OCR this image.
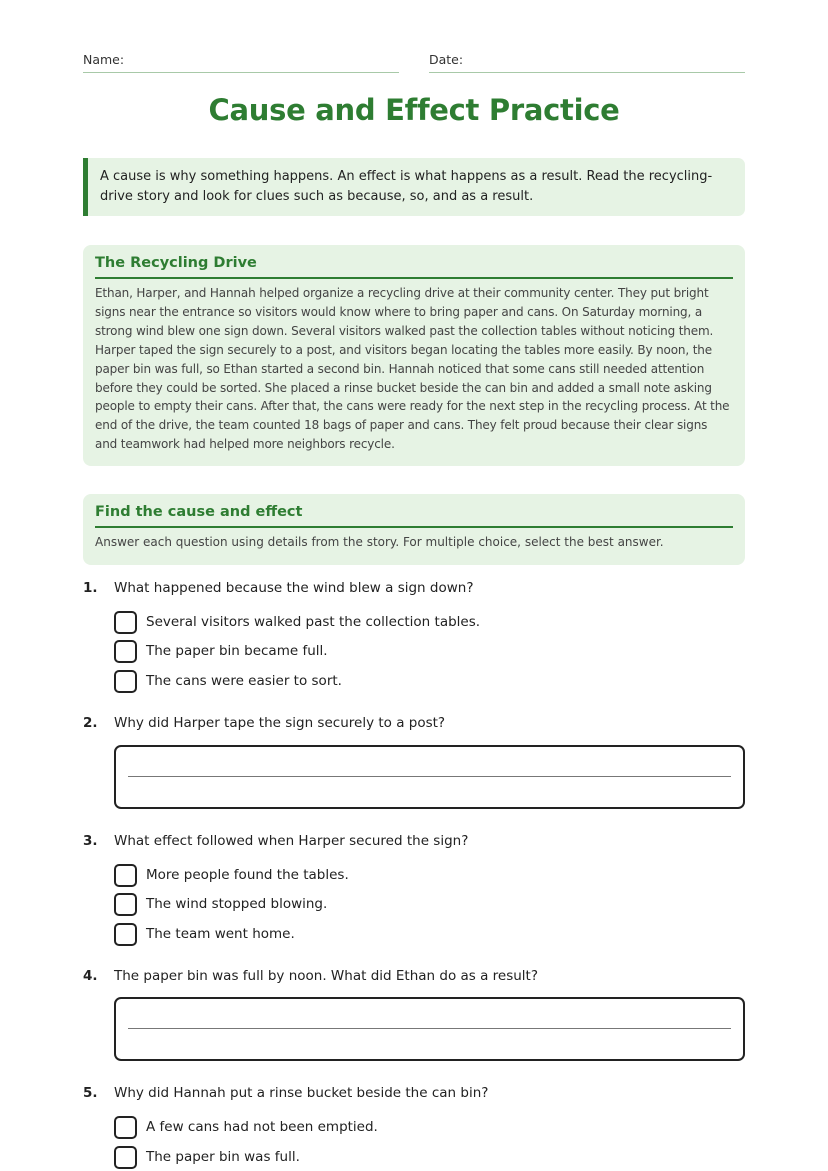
Name:	Date:
Cause and Effect Practice
A cause is why something happens. An effect is what happens as a result. Read the recycling-drive story and look for clues such as because, so, and as a result.
The Recycling Drive
Ethan, Harper, and Hannah helped organize a recycling drive at their community center. They put bright signs near the entrance so visitors would know where to bring paper and cans. On Saturday morning, a strong wind blew one sign down. Several visitors walked past the collection tables without noticing them. Harper taped the sign securely to a post, and visitors began locating the tables more easily. By noon, the paper bin was full, so Ethan started a second bin. Hannah noticed that some cans still needed attention before they could be sorted. She placed a rinse bucket beside the can bin and added a small note asking people to empty their cans. After that, the cans were ready for the next step in the recycling process. At the end of the drive, the team counted 18 bags of paper and cans. They felt proud because their clear signs and teamwork had helped more neighbors recycle.
Find the cause and effect
Answer each question using details from the story. For multiple choice, select the best answer.
1. What happened because the wind blew a sign down?
Several visitors walked past the collection tables.
The paper bin became full.
The cans were easier to sort.
2. Why did Harper tape the sign securely to a post?
3. What effect followed when Harper secured the sign?
More people found the tables.
The wind stopped blowing.
The team went home.
4. The paper bin was full by noon. What did Ethan do as a result?
5. Why did Hannah put a rinse bucket beside the can bin?
A few cans had not been emptied.
The paper bin was full.
